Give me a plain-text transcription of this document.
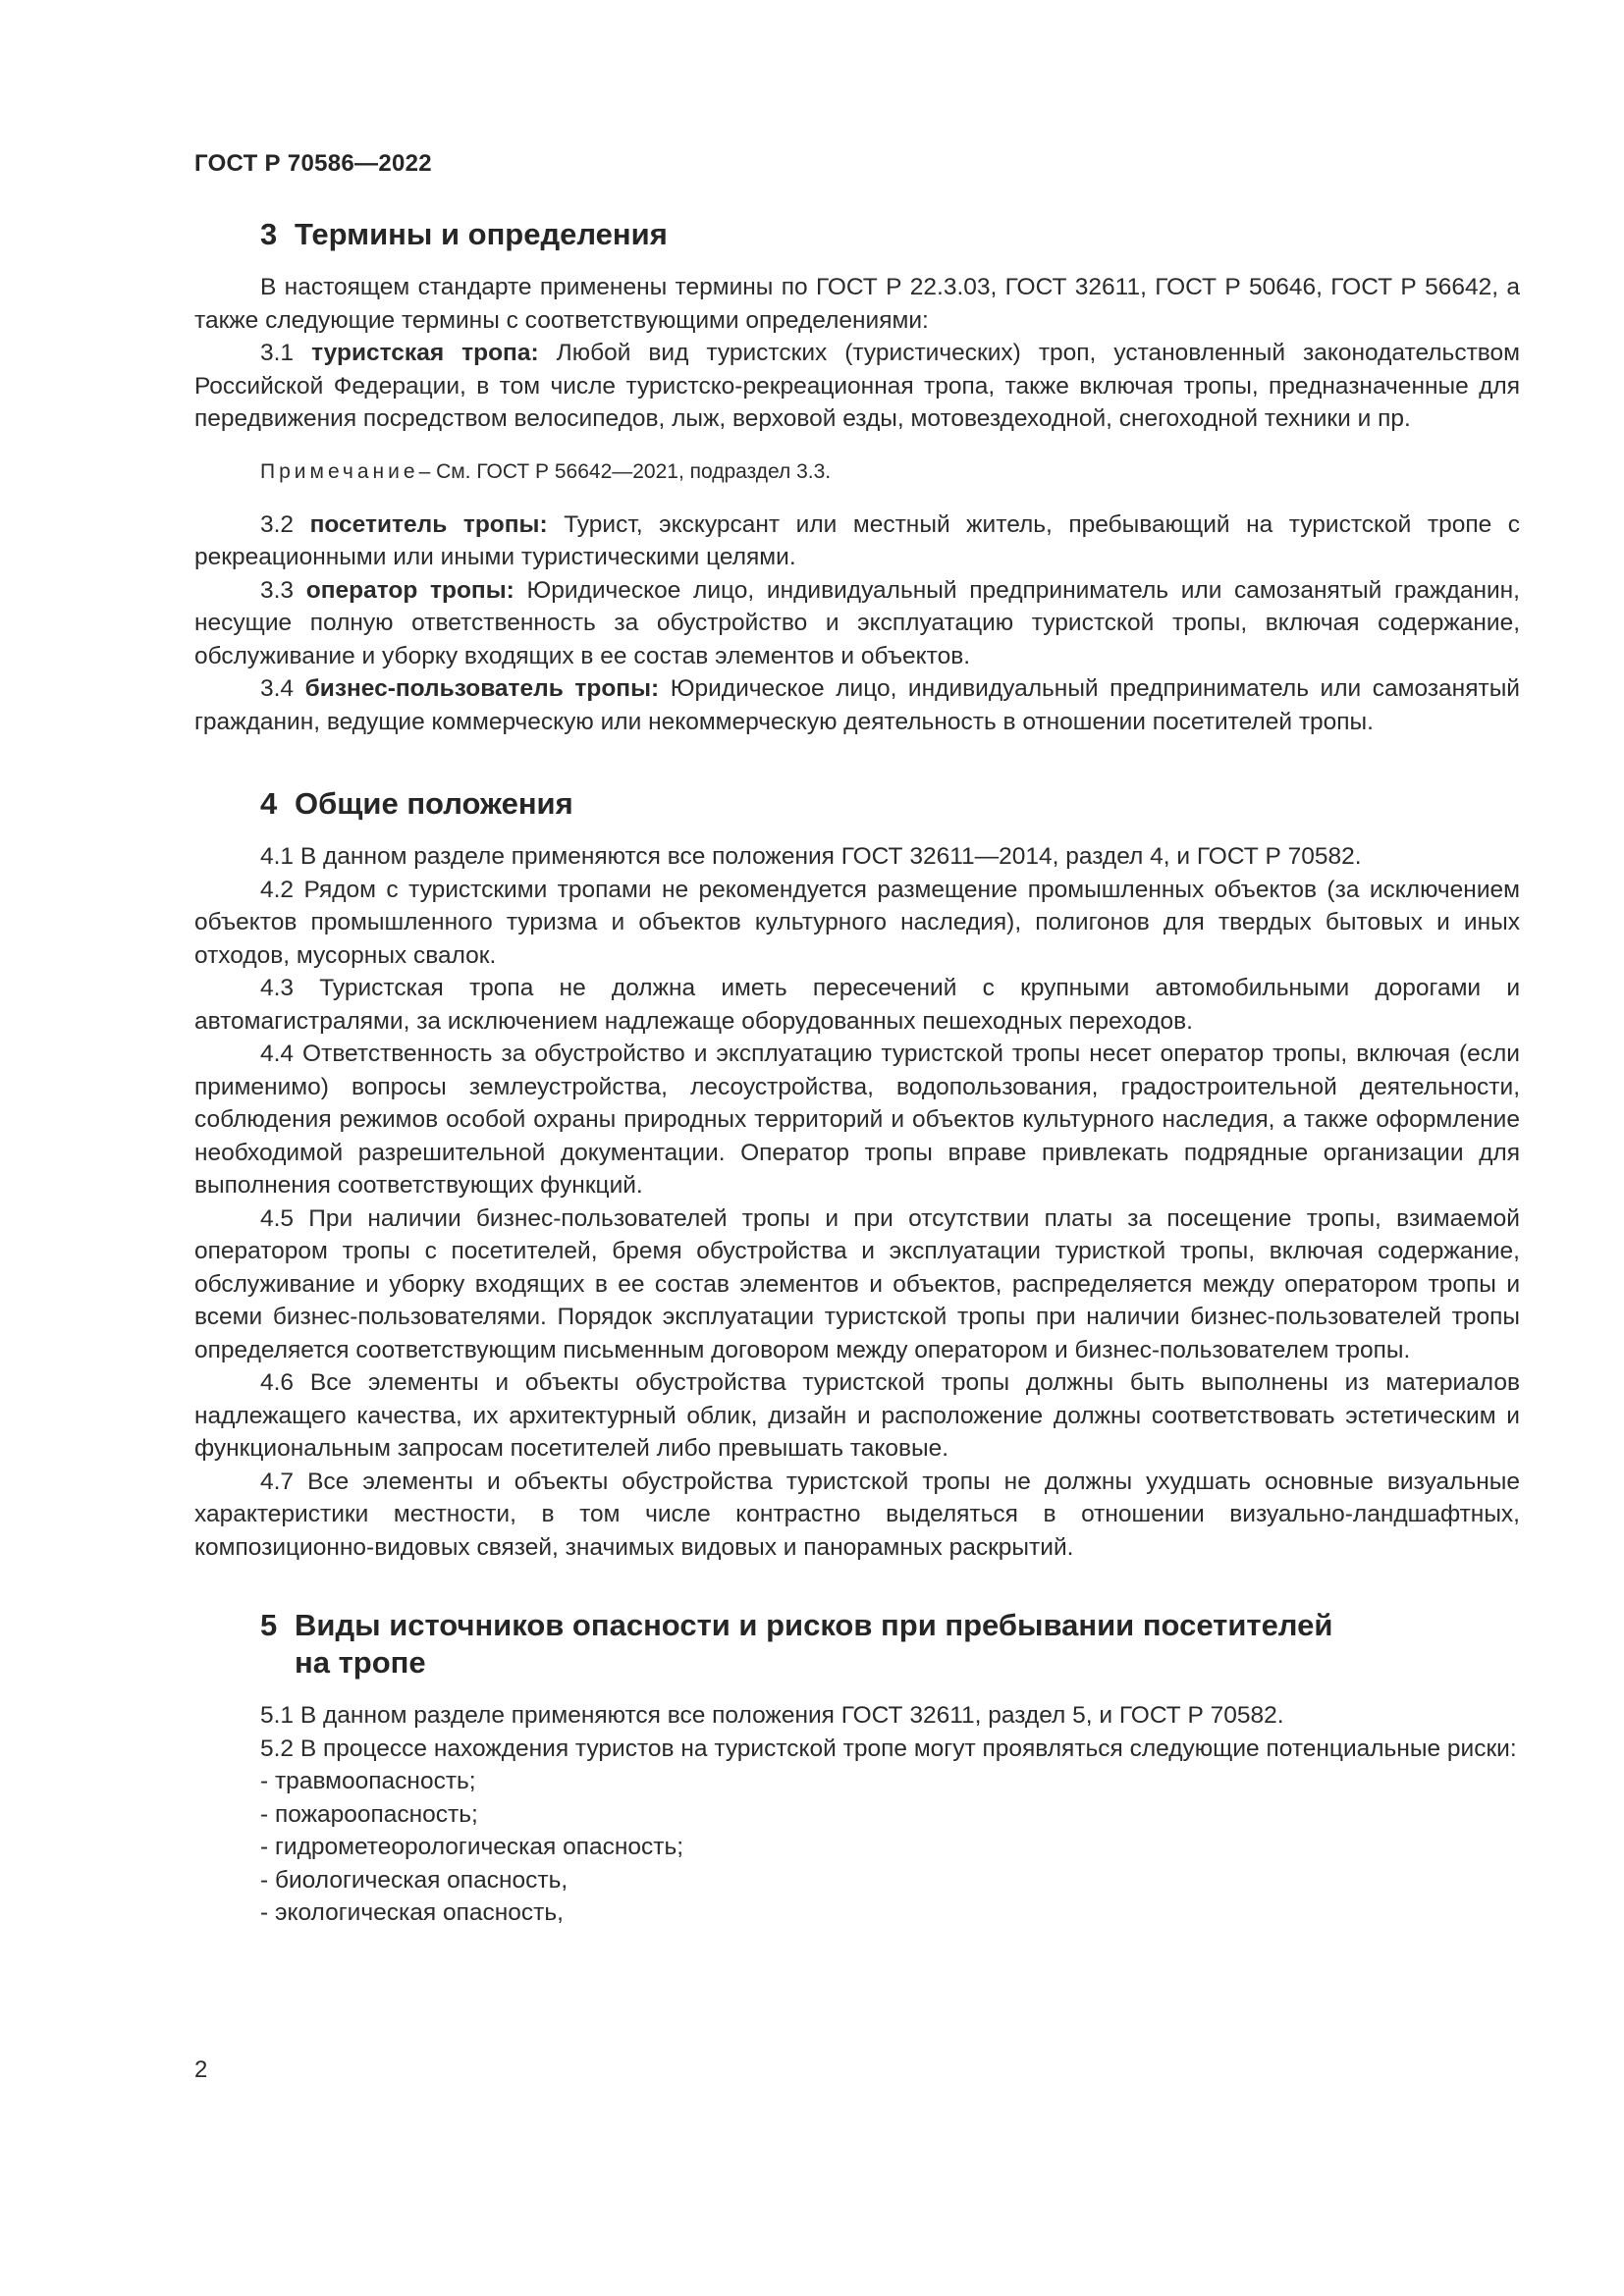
ГОСТ Р 70586—2022
3 Термины и определения

В настоящем стандарте применены термины по ГОСТ Р 22.3.03, ГОСТ 32611, ГОСТ Р 50646, ГОСТ Р 56642, а также следующие термины с соответствующими определениями:

3.1 туристская тропа: Любой вид туристских (туристических) троп, установленный законодательством Российской Федерации, в том числе туристско-рекреационная тропа, также включая тропы, предназначенные для передвижения посредством велосипедов, лыж, верховой езды, мотовездеходной, снегоходной техники и пр.

Примечание– См. ГОСТ Р 56642—2021, подраздел 3.3.

3.2 посетитель тропы: Турист, экскурсант или местный житель, пребывающий на туристской тропе с рекреационными или иными туристическими целями.

3.3 оператор тропы: Юридическое лицо, индивидуальный предприниматель или самозанятый гражданин, несущие полную ответственность за обустройство и эксплуатацию туристской тропы, включая содержание, обслуживание и уборку входящих в ее состав элементов и объектов.

3.4 бизнес-пользователь тропы: Юридическое лицо, индивидуальный предприниматель или самозанятый гражданин, ведущие коммерческую или некоммерческую деятельность в отношении посетителей тропы.

4 Общие положения

4.1 В данном разделе применяются все положения ГОСТ 32611—2014, раздел 4, и ГОСТ Р 70582.

4.2 Рядом с туристскими тропами не рекомендуется размещение промышленных объектов (за исключением объектов промышленного туризма и объектов культурного наследия), полигонов для твердых бытовых и иных отходов, мусорных свалок.

4.3 Туристская тропа не должна иметь пересечений с крупными автомобильными дорогами и автомагистралями, за исключением надлежаще оборудованных пешеходных переходов.

4.4 Ответственность за обустройство и эксплуатацию туристской тропы несет оператор тропы, включая (если применимо) вопросы землеустройства, лесоустройства, водопользования, градостроительной деятельности, соблюдения режимов особой охраны природных территорий и объектов культурного наследия, а также оформление необходимой разрешительной документации. Оператор тропы вправе привлекать подрядные организации для выполнения соответствующих функций.

4.5 При наличии бизнес-пользователей тропы и при отсутствии платы за посещение тропы, взимаемой оператором тропы с посетителей, бремя обустройства и эксплуатации туристкой тропы, включая содержание, обслуживание и уборку входящих в ее состав элементов и объектов, распределяется между оператором тропы и всеми бизнес-пользователями. Порядок эксплуатации туристской тропы при наличии бизнес-пользователей тропы определяется соответствующим письменным договором между оператором и бизнес-пользователем тропы.

4.6 Все элементы и объекты обустройства туристской тропы должны быть выполнены из материалов надлежащего качества, их архитектурный облик, дизайн и расположение должны соответствовать эстетическим и функциональным запросам посетителей либо превышать таковые.

4.7 Все элементы и объекты обустройства туристской тропы не должны ухудшать основные визуальные характеристики местности, в том числе контрастно выделяться в отношении визуально-ландшафтных, композиционно-видовых связей, значимых видовых и панорамных раскрытий.

5 Виды источников опасности и рисков при пребывании посетителей
на тропе

5.1 В данном разделе применяются все положения ГОСТ 32611, раздел 5, и ГОСТ Р 70582.

5.2 В процессе нахождения туристов на туристской тропе могут проявляться следующие потенциальные риски:

- травмоопасность;
- пожароопасность;
- гидрометеорологическая опасность;
- биологическая опасность,
- экологическая опасность,
2
